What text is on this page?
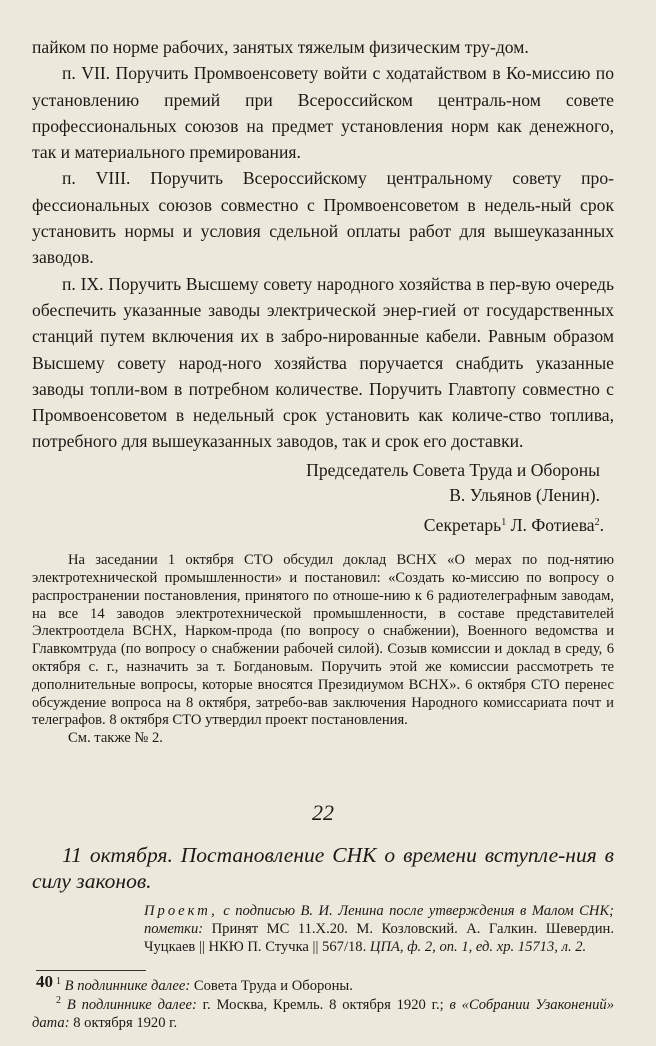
пайком по норме рабочих, занятых тяжелым физическим тру-дом.

п. VII. Поручить Промвоенсовету войти с ходатайством в Ко-миссию по установлению премий при Всероссийском централь-ном совете профессиональных союзов на предмет установления норм как денежного, так и материального премирования.

п. VIII. Поручить Всероссийскому центральному совету про-фессиональных союзов совместно с Промвоенсоветом в недель-ный срок установить нормы и условия сдельной оплаты работ для вышеуказанных заводов.

п. IX. Поручить Высшему совету народного хозяйства в пер-вую очередь обеспечить указанные заводы электрической энер-гией от государственных станций путем включения их в забро-нированные кабели. Равным образом Высшему совету народ-ного хозяйства поручается снабдить указанные заводы топли-вом в потребном количестве. Поручить Главтопу совместно с Промвоенсоветом в недельный срок установить как количе-ство топлива, потребного для вышеуказанных заводов, так и срок его доставки.

Председатель Совета Труда и Обороны
В. Ульянов (Ленин).
Секретарь$^1$ Л. Фотиева$^2$.

На заседании 1 октября СТО обсудил доклад ВСНХ «О мерах по под-нятию электротехнической промышленности» и постановил: «Создать ко-миссию по вопросу о распространении постановления, принятого по отноше-нию к 6 радиотелеграфным заводам, на все 14 заводов электротехнической промышленности, в составе представителей Электроотдела ВСНХ, Нарком-прода (по вопросу о снабжении), Военного ведомства и Главкомтруда (по вопросу о снабжении рабочей силой). Созыв комиссии и доклад в среду, 6 октября с. г., назначить за т. Богдановым. Поручить этой же комиссии рассмотреть те дополнительные вопросы, которые вносятся Президиумом ВСНХ». 6 октября СТО перенес обсуждение вопроса на 8 октября, затребо-вав заключения Народного комиссариата почт и телеграфов. 8 октября СТО утвердил проект постановления.

См. также № 2.

22

11 октября. Постановление СНК о времени вступле-ния в силу законов.

Проект, с подписью В. И. Ленина после утверждения в Малом СНК; пометки: Принят МС 11.X.20. М. Козловский. А. Галкин. Шевердин. Чуцкаев || НКЮ П. Стучка || 567/18. ЦПА, ф. 2, оп. 1, ед. хр. 15713, л. 2.

$^1$ В подлиннике далее: Совета Труда и Обороны.

$^2$ В подлиннике далее: г. Москва, Кремль. 8 октября 1920 г.; в «Собрании Узаконений» дата: 8 октября 1920 г.

40
